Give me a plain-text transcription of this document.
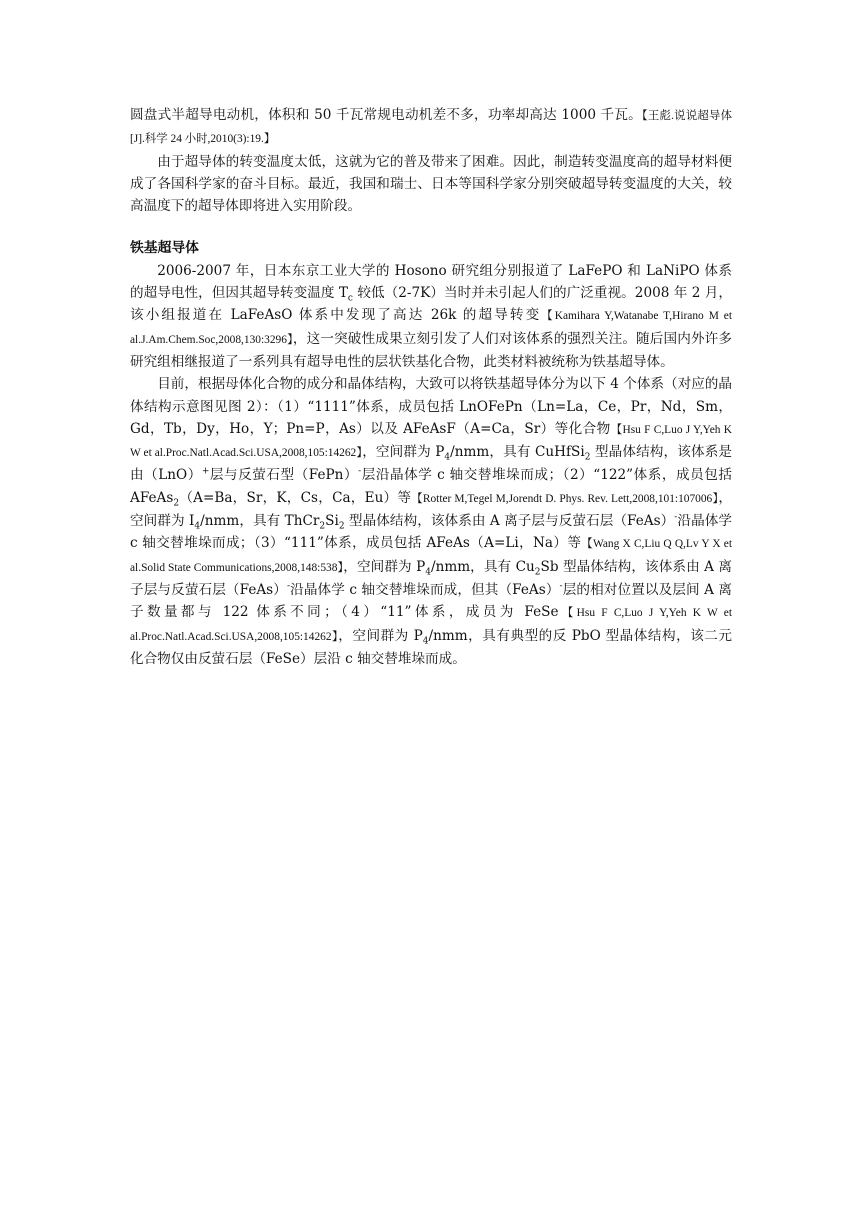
圆盘式半超导电动机，体积和 50 千瓦常规电动机差不多，功率却高达 1000 千瓦。【王彪.说说超导体[J].科学 24 小时,2010(3):19.】

由于超导体的转变温度太低，这就为它的普及带来了困难。因此，制造转变温度高的超导材料便成了各国科学家的奋斗目标。最近，我国和瑞士、日本等国科学家分别突破超导转变温度的大关，较高温度下的超导体即将进入实用阶段。

铁基超导体

2006-2007 年，日本东京工业大学的 Hosono 研究组分别报道了 LaFePO 和 LaNiPO 体系的超导电性，但因其超导转变温度 $T_c$ 较低（2-7K）当时并未引起人们的广泛重视。2008 年 2 月，该小组报道在 LaFeAsO 体系中发现了高达 26k 的超导转变【Kamihara Y,Watanabe T,Hirano M et al.J.Am.Chem.Soc,2008,130:3296】，这一突破性成果立刻引发了人们对该体系的强烈关注。随后国内外许多研究组相继报道了一系列具有超导电性的层状铁基化合物，此类材料被统称为铁基超导体。

目前，根据母体化合物的成分和晶体结构，大致可以将铁基超导体分为以下 4 个体系（对应的晶体结构示意图见图 2）：（1）“1111”体系，成员包括 LnOFePn（Ln=La，Ce，Pr，Nd，Sm，Gd，Tb，Dy，Ho，Y；Pn=P，As）以及 AFeAsF（A=Ca，Sr）等化合物【Hsu F C,Luo J Y,Yeh K W et al.Proc.Natl.Acad.Sci.USA,2008,105:14262】，空间群为 $P_4$/nmm，具有 CuHfSi$_2$ 型晶体结构，该体系是由（LnO）+层与反萤石型（FePn）-层沿晶体学 c 轴交替堆垛而成；（2）“122”体系，成员包括 AFeAs$_2$（A=Ba，Sr，K，Cs，Ca，Eu）等【Rotter M,Tegel M,Jorendt D. Phys. Rev. Lett,2008,101:107006】，空间群为 $I_4$/nmm，具有 $ThCr_2Si_2$ 型晶体结构，该体系由 A 离子层与反萤石层（FeAs）-沿晶体学 c 轴交替堆垛而成；（3）“111”体系，成员包括 AFeAs（A=Li，Na）等【Wang X C,Liu Q Q,Lv Y X et al.Solid State Communications,2008,148:538】，空间群为 $P_4$/nmm，具有 $Cu_2Sb$ 型晶体结构，该体系由 A 离子层与反萤石层（FeAs）-沿晶体学 c 轴交替堆垛而成，但其（FeAs）-层的相对位置以及层间 A 离子数量都与 122 体系不同；（4）“11”体系，成员为 FeSe【Hsu F C,Luo J Y,Yeh K W et al.Proc.Natl.Acad.Sci.USA,2008,105:14262】，空间群为 $P_4$/nmm，具有典型的反 PbO 型晶体结构，该二元化合物仅由反萤石层（FeSe）层沿 c 轴交替堆垛而成。
